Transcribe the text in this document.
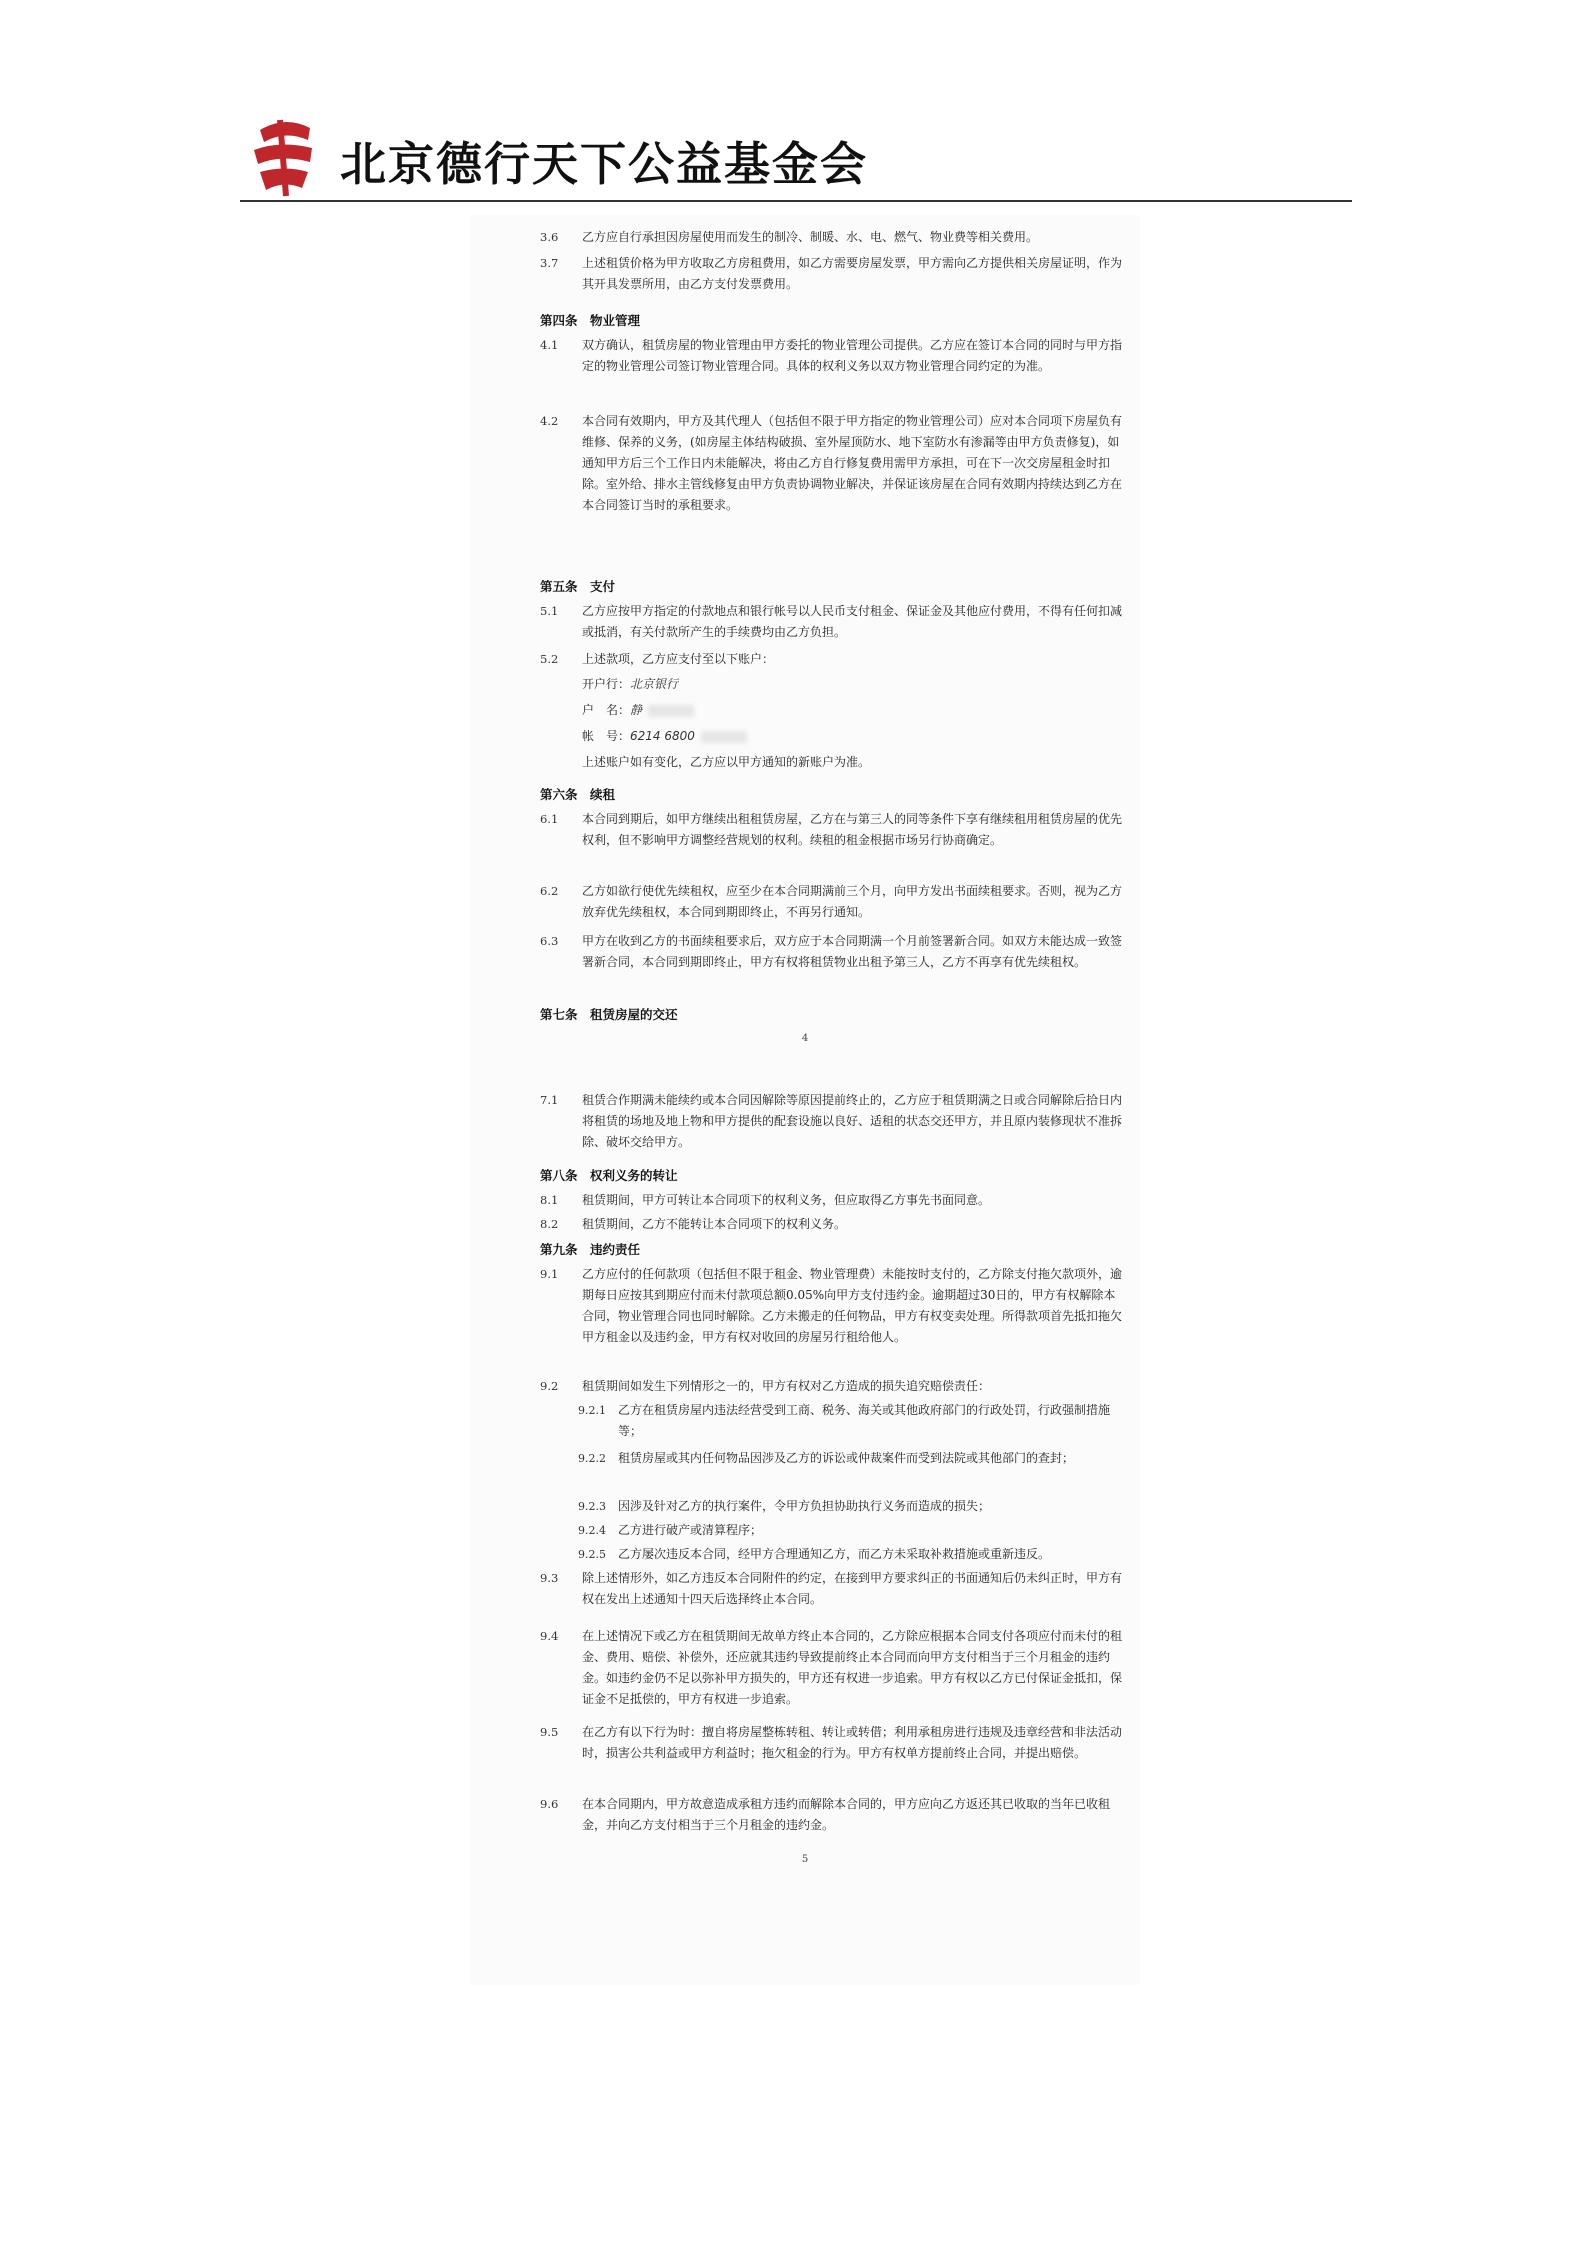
北京德行天下公益基金会
3.6	乙方应自行承担因房屋使用而发生的制冷、制暖、水、电、燃气、物业费等相关费用。
3.7	上述租赁价格为甲方收取乙方房租费用，如乙方需要房屋发票，甲方需向乙方提供相关房屋证明，作为其开具发票所用，由乙方支付发票费用。
第四条　物业管理
4.1	双方确认，租赁房屋的物业管理由甲方委托的物业管理公司提供。乙方应在签订本合同的同时与甲方指定的物业管理公司签订物业管理合同。具体的权利义务以双方物业管理合同约定的为准。
4.2	本合同有效期内，甲方及其代理人（包括但不限于甲方指定的物业管理公司）应对本合同项下房屋负有维修、保养的义务，(如房屋主体结构破损、室外屋顶防水、地下室防水有渗漏等由甲方负责修复)，如通知甲方后三个工作日内未能解决，将由乙方自行修复费用需甲方承担，可在下一次交房屋租金时扣除。室外给、排水主管线修复由甲方负责协调物业解决，并保证该房屋在合同有效期内持续达到乙方在本合同签订当时的承租要求。
第五条　支付
5.1	乙方应按甲方指定的付款地点和银行帐号以人民币支付租金、保证金及其他应付费用，不得有任何扣减或抵消，有关付款所产生的手续费均由乙方负担。
5.2	上述款项，乙方应支付至以下账户：
开户行：北京银行
户　名：静
帐　号：6214 6800
上述账户如有变化，乙方应以甲方通知的新账户为准。
第六条　续租
6.1	本合同到期后，如甲方继续出租租赁房屋，乙方在与第三人的同等条件下享有继续租用租赁房屋的优先权利，但不影响甲方调整经营规划的权利。续租的租金根据市场另行协商确定。
6.2	乙方如欲行使优先续租权，应至少在本合同期满前三个月，向甲方发出书面续租要求。否则，视为乙方放弃优先续租权，本合同到期即终止，不再另行通知。
6.3	甲方在收到乙方的书面续租要求后，双方应于本合同期满一个月前签署新合同。如双方未能达成一致签署新合同，本合同到期即终止，甲方有权将租赁物业出租予第三人，乙方不再享有优先续租权。
第七条　租赁房屋的交还
4
7.1	租赁合作期满未能续约或本合同因解除等原因提前终止的，乙方应于租赁期满之日或合同解除后拾日内将租赁的场地及地上物和甲方提供的配套设施以良好、适租的状态交还甲方，并且原内装修现状不准拆除、破坏交给甲方。
第八条　权利义务的转让
8.1	租赁期间，甲方可转让本合同项下的权利义务，但应取得乙方事先书面同意。
8.2	租赁期间，乙方不能转让本合同项下的权利义务。
第九条　违约责任
9.1	乙方应付的任何款项（包括但不限于租金、物业管理费）未能按时支付的，乙方除支付拖欠款项外，逾期每日应按其到期应付而未付款项总额0.05%向甲方支付违约金。逾期超过30日的，甲方有权解除本合同，物业管理合同也同时解除。乙方未搬走的任何物品，甲方有权变卖处理。所得款项首先抵扣拖欠甲方租金以及违约金，甲方有权对收回的房屋另行租给他人。
9.2	租赁期间如发生下列情形之一的，甲方有权对乙方造成的损失追究赔偿责任：
9.2.1	乙方在租赁房屋内违法经营受到工商、税务、海关或其他政府部门的行政处罚，行政强制措施等；
9.2.2	租赁房屋或其内任何物品因涉及乙方的诉讼或仲裁案件而受到法院或其他部门的查封；
9.2.3	因涉及针对乙方的执行案件，令甲方负担协助执行义务而造成的损失；
9.2.4	乙方进行破产或清算程序；
9.2.5	乙方屡次违反本合同，经甲方合理通知乙方，而乙方未采取补救措施或重新违反。
9.3	除上述情形外，如乙方违反本合同附件的约定，在接到甲方要求纠正的书面通知后仍未纠正时，甲方有权在发出上述通知十四天后选择终止本合同。
9.4	在上述情况下或乙方在租赁期间无故单方终止本合同的，乙方除应根据本合同支付各项应付而未付的租金、费用、赔偿、补偿外，还应就其违约导致提前终止本合同而向甲方支付相当于三个月租金的违约金。如违约金仍不足以弥补甲方损失的，甲方还有权进一步追索。甲方有权以乙方已付保证金抵扣，保证金不足抵偿的，甲方有权进一步追索。
9.5	在乙方有以下行为时：擅自将房屋整栋转租、转让或转借；利用承租房进行违规及违章经营和非法活动时，损害公共利益或甲方利益时；拖欠租金的行为。甲方有权单方提前终止合同，并提出赔偿。
9.6	在本合同期内，甲方故意造成承租方违约而解除本合同的，甲方应向乙方返还其已收取的当年已收租金，并向乙方支付相当于三个月租金的违约金。
5
